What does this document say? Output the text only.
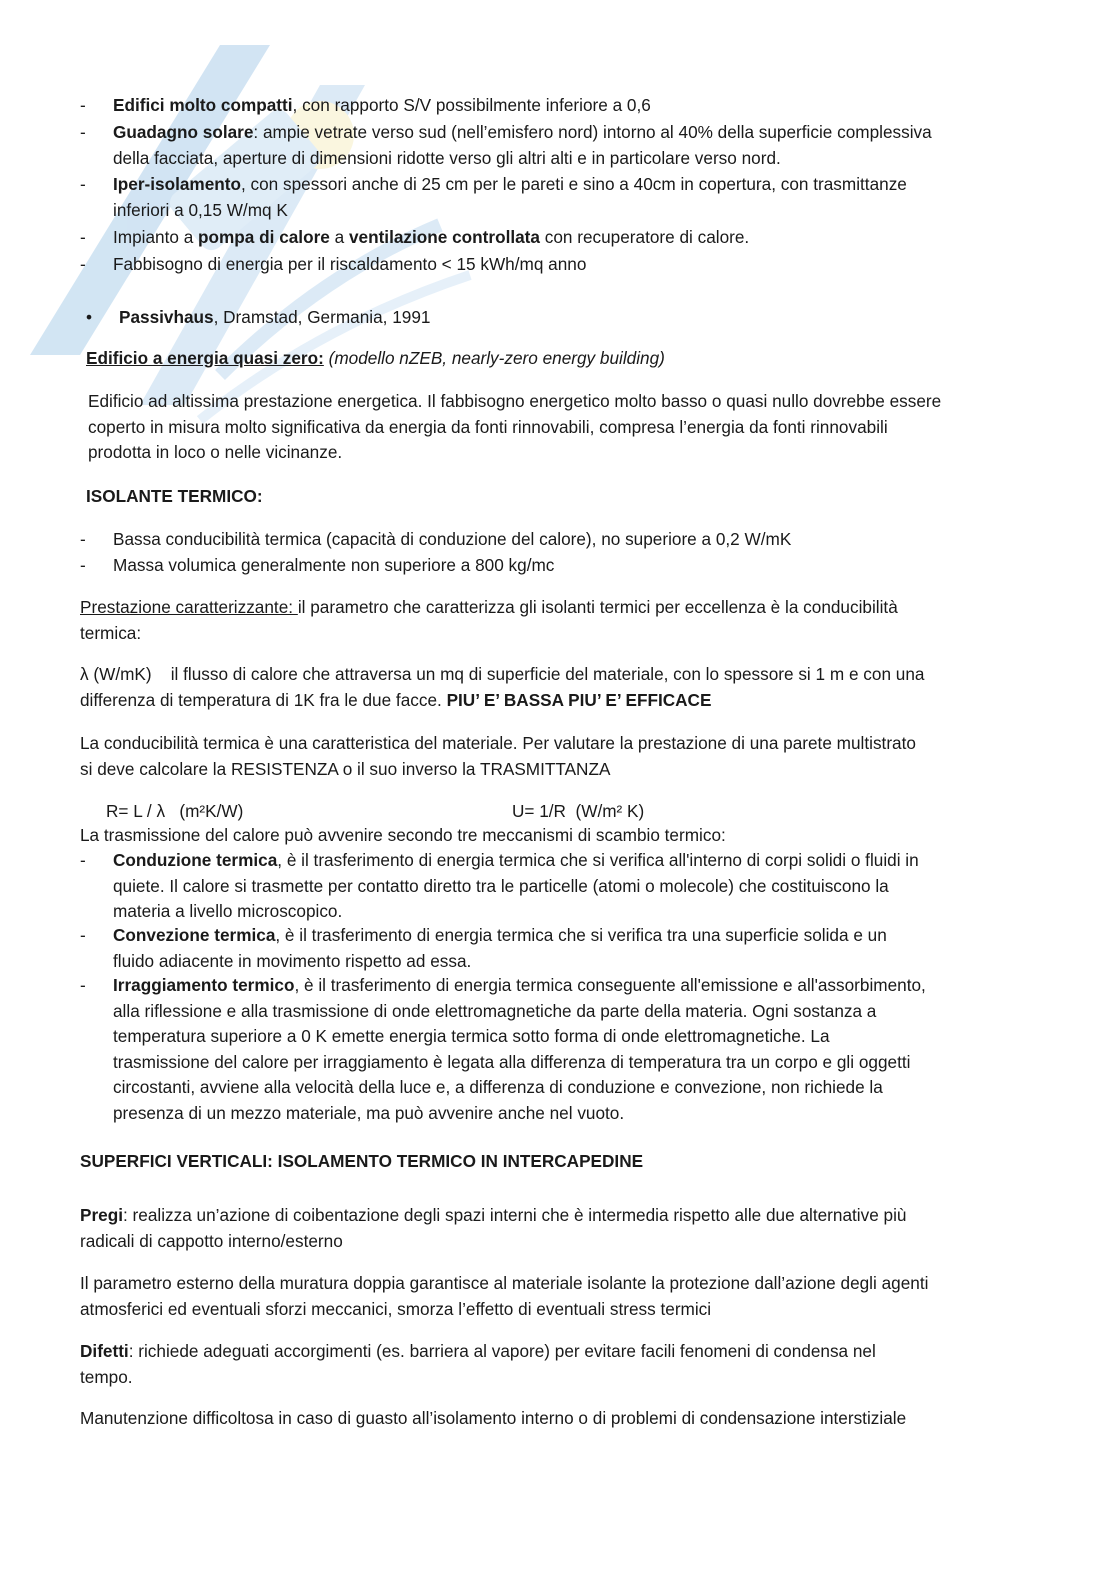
- Edifici molto compatti, con rapporto S/V possibilmente inferiore a 0,6
- Guadagno solare: ampie vetrate verso sud (nell’emisfero nord) intorno al 40% della superficie complessiva
della facciata, aperture di dimensioni ridotte verso gli altri alti e in particolare verso nord.
- Iper-isolamento, con spessori anche di 25 cm per le pareti e sino a 40cm in copertura, con trasmittanze
inferiori a 0,15 W/mq K
- Impianto a pompa di calore a ventilazione controllata con recuperatore di calore.
- Fabbisogno di energia per il riscaldamento < 15 kWh/mq anno
• Passivhaus, Dramstad, Germania, 1991
Edificio a energia quasi zero: (modello nZEB, nearly-zero energy building)
Edificio ad altissima prestazione energetica. Il fabbisogno energetico molto basso o quasi nullo dovrebbe essere
coperto in misura molto significativa da energia da fonti rinnovabili, compresa l’energia da fonti rinnovabili
prodotta in loco o nelle vicinanze.
ISOLANTE TERMICO:
- Bassa conducibilità termica (capacità di conduzione del calore), no superiore a 0,2 W/mK
- Massa volumica generalmente non superiore a 800 kg/mc
Prestazione caratterizzante: il parametro che caratterizza gli isolanti termici per eccellenza è la conducibilità
termica:
λ (W/mK)    il flusso di calore che attraversa un mq di superficie del materiale, con lo spessore si 1 m e con una
differenza di temperatura di 1K fra le due facce. PIU’ E’ BASSA PIU’ E’ EFFICACE
La conducibilità termica è una caratteristica del materiale. Per valutare la prestazione di una parete multistrato
si deve calcolare la RESISTENZA o il suo inverso la TRASMITTANZA
R= L / λ   (m²K/W)	U= 1/R  (W/m² K)
La trasmissione del calore può avvenire secondo tre meccanismi di scambio termico:
- Conduzione termica, è il trasferimento di energia termica che si verifica all'interno di corpi solidi o fluidi in
quiete. Il calore si trasmette per contatto diretto tra le particelle (atomi o molecole) che costituiscono la
materia a livello microscopico.
- Convezione termica, è il trasferimento di energia termica che si verifica tra una superficie solida e un
fluido adiacente in movimento rispetto ad essa.
- Irraggiamento termico, è il trasferimento di energia termica conseguente all'emissione e all'assorbimento,
alla riflessione e alla trasmissione di onde elettromagnetiche da parte della materia. Ogni sostanza a
temperatura superiore a 0 K emette energia termica sotto forma di onde elettromagnetiche. La
trasmissione del calore per irraggiamento è legata alla differenza di temperatura tra un corpo e gli oggetti
circostanti, avviene alla velocità della luce e, a differenza di conduzione e convezione, non richiede la
presenza di un mezzo materiale, ma può avvenire anche nel vuoto.
SUPERFICI VERTICALI: ISOLAMENTO TERMICO IN INTERCAPEDINE
Pregi: realizza un’azione di coibentazione degli spazi interni che è intermedia rispetto alle due alternative più
radicali di cappotto interno/esterno
Il parametro esterno della muratura doppia garantisce al materiale isolante la protezione dall’azione degli agenti
atmosferici ed eventuali sforzi meccanici, smorza l’effetto di eventuali stress termici
Difetti: richiede adeguati accorgimenti (es. barriera al vapore) per evitare facili fenomeni di condensa nel
tempo.
Manutenzione difficoltosa in caso di guasto all’isolamento interno o di problemi di condensazione interstiziale
